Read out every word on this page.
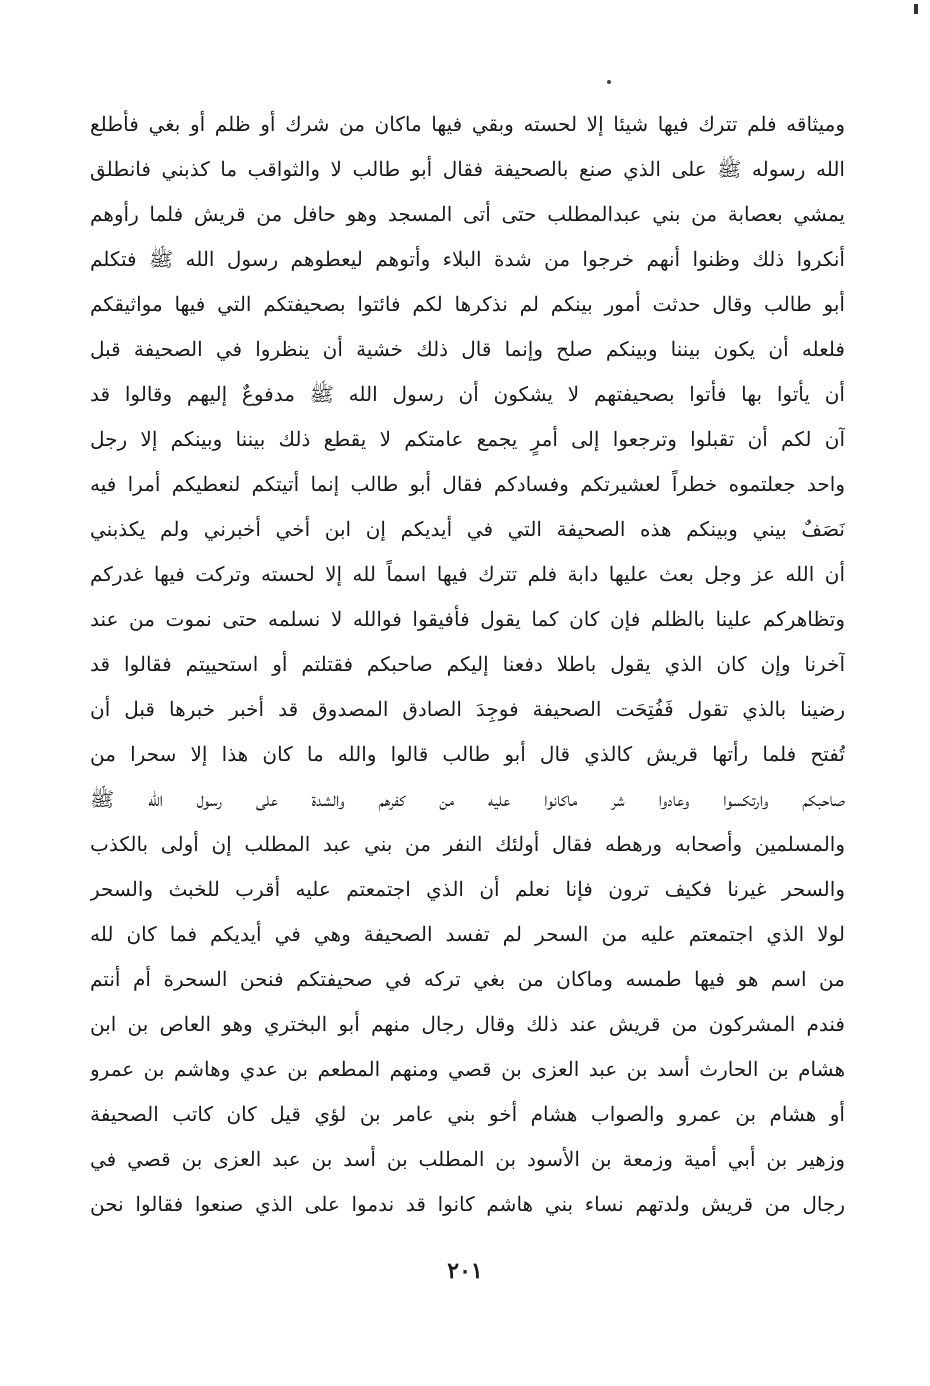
ومیثاقه فلم تترك فيها شيئا إلا لحسته وبقي فيها ماكان من شرك أو ظلم أو بغي فأطلع
الله رسوله ﷺ على الذي صنع بالصحيفة فقال أبو طالب لا والثواقب ما كذبني فانطلق
يمشي بعصابة من بني عبدالمطلب حتى أتى المسجد وهو حافل من قريش فلما رأوهم
أنكروا ذلك وظنوا أنهم خرجوا من شدة البلاء وأتوهم ليعطوهم رسول الله ﷺ فتكلم
أبو طالب وقال حدثت أمور بينكم لم نذكرها لكم فائتوا بصحيفتكم التي فيها مواثيقكم
فلعله أن يكون بيننا وبينكم صلح وإنما قال ذلك خشية أن ينظروا في الصحيفة قبل
أن يأتوا بها فأتوا بصحيفتهم لا يشكون أن رسول الله ﷺ مدفوعٌ إليهم وقالوا قد
آن لكم أن تقبلوا وترجعوا إلى أمرٍ يجمع عامتكم لا يقطع ذلك بيننا وبينكم إلا رجل
واحد جعلتموه خطراً لعشيرتكم وفسادكم فقال أبو طالب إنما أتيتكم لنعطيكم أمرا فيه
نَصَفٌ بيني وبينكم هذه الصحيفة التي في أيديكم إن ابن أخي أخبرني ولم يكذبني
أن الله عز وجل بعث عليها دابة فلم تترك فيها اسماً لله إلا لحسته وتركت فيها غدركم
وتظاهركم علينا بالظلم فإن كان كما يقول فأفيقوا فوالله لا نسلمه حتى نموت من عند
آخرنا وإن كان الذي يقول باطلا دفعنا إليكم صاحبكم فقتلتم أو استحييتم فقالوا قد
رضينا بالذي تقول فَفُتِحَت الصحيفة فوجِدَ الصادق المصدوق قد أخبر خبرها قبل أن
تُفتح فلما رأتها قريش كالذي قال أبو طالب قالوا والله ما كان هذا إلا سحرا من
صاحبكم وارتكسوا وعادوا شر ماكانوا عليه من كفرهم والشدة على رسول الله ﷺ
والمسلمين وأصحابه ورهطه فقال أولئك النفر من بني عبد المطلب إن أولى بالكذب
والسحر غيرنا فكيف ترون فإنا نعلم أن الذي اجتمعتم عليه أقرب للخبث والسحر
لولا الذي اجتمعتم عليه من السحر لم تفسد الصحيفة وهي في أيديكم فما كان لله
من اسم هو فيها طمسه وماكان من بغي تركه في صحيفتكم فنحن السحرة أم أنتم
فندم المشركون من قريش عند ذلك وقال رجال منهم أبو البختري وهو العاص بن ابن
هشام بن الحارث أسد بن عبد العزى بن قصي ومنهم المطعم بن عدي وهاشم بن عمرو
أو هشام بن عمرو والصواب هشام أخو بني عامر بن لؤي قيل كان كاتب الصحيفة
وزهير بن أبي أمية وزمعة بن الأسود بن المطلب بن أسد بن عبد العزى بن قصي في
رجال من قريش ولدتهم نساء بني هاشم كانوا قد ندموا على الذي صنعوا فقالوا نحن
٢٠١
